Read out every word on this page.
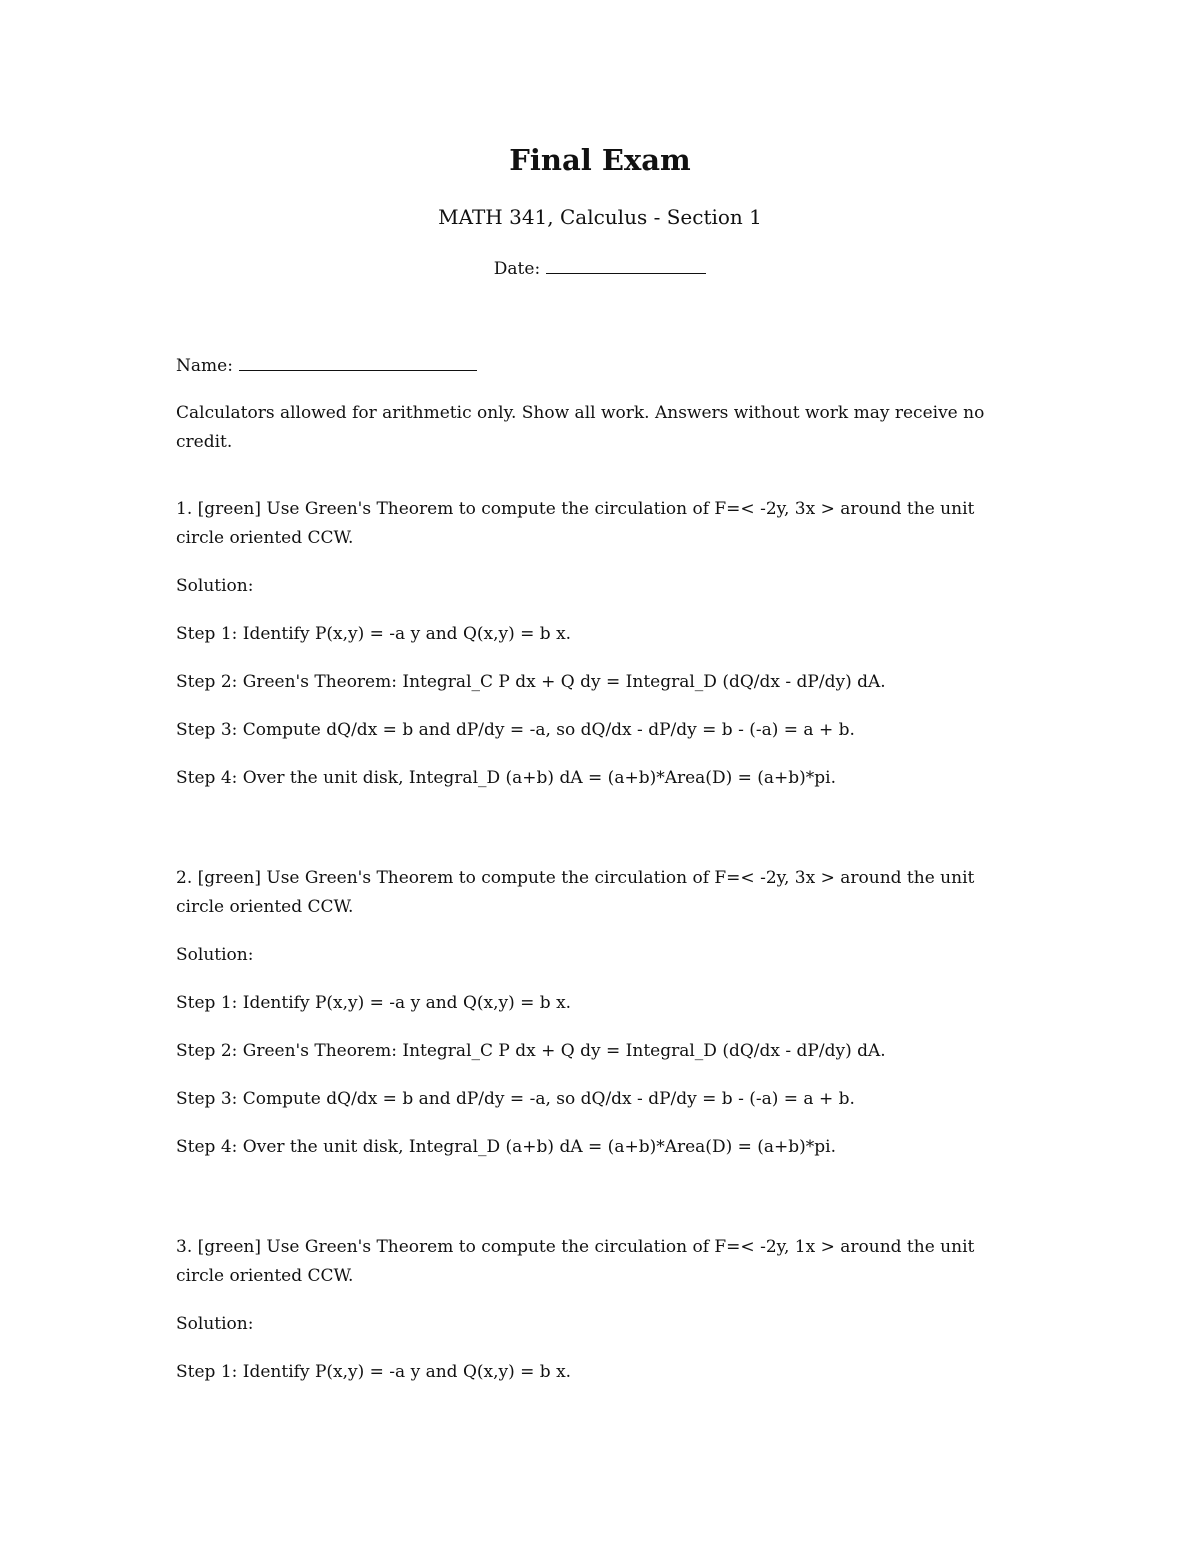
Final Exam
MATH 341, Calculus - Section 1
Date:
Name:
Calculators allowed for arithmetic only. Show all work. Answers without work may receive no credit.

1. [green] Use Green's Theorem to compute the circulation of F=< -2y, 3x > around the unit circle oriented CCW.

Solution:

Step 1: Identify P(x,y) = -a y and Q(x,y) = b x.

Step 2: Green's Theorem: Integral_C P dx + Q dy = Integral_D (dQ/dx - dP/dy) dA.

Step 3: Compute dQ/dx = b and dP/dy = -a, so dQ/dx - dP/dy = b - (-a) = a + b.

Step 4: Over the unit disk, Integral_D (a+b) dA = (a+b)*Area(D) = (a+b)*pi.

2. [green] Use Green's Theorem to compute the circulation of F=< -2y, 3x > around the unit circle oriented CCW.

Solution:

Step 1: Identify P(x,y) = -a y and Q(x,y) = b x.

Step 2: Green's Theorem: Integral_C P dx + Q dy = Integral_D (dQ/dx - dP/dy) dA.

Step 3: Compute dQ/dx = b and dP/dy = -a, so dQ/dx - dP/dy = b - (-a) = a + b.

Step 4: Over the unit disk, Integral_D (a+b) dA = (a+b)*Area(D) = (a+b)*pi.

3. [green] Use Green's Theorem to compute the circulation of F=< -2y, 1x > around the unit circle oriented CCW.

Solution:

Step 1: Identify P(x,y) = -a y and Q(x,y) = b x.
